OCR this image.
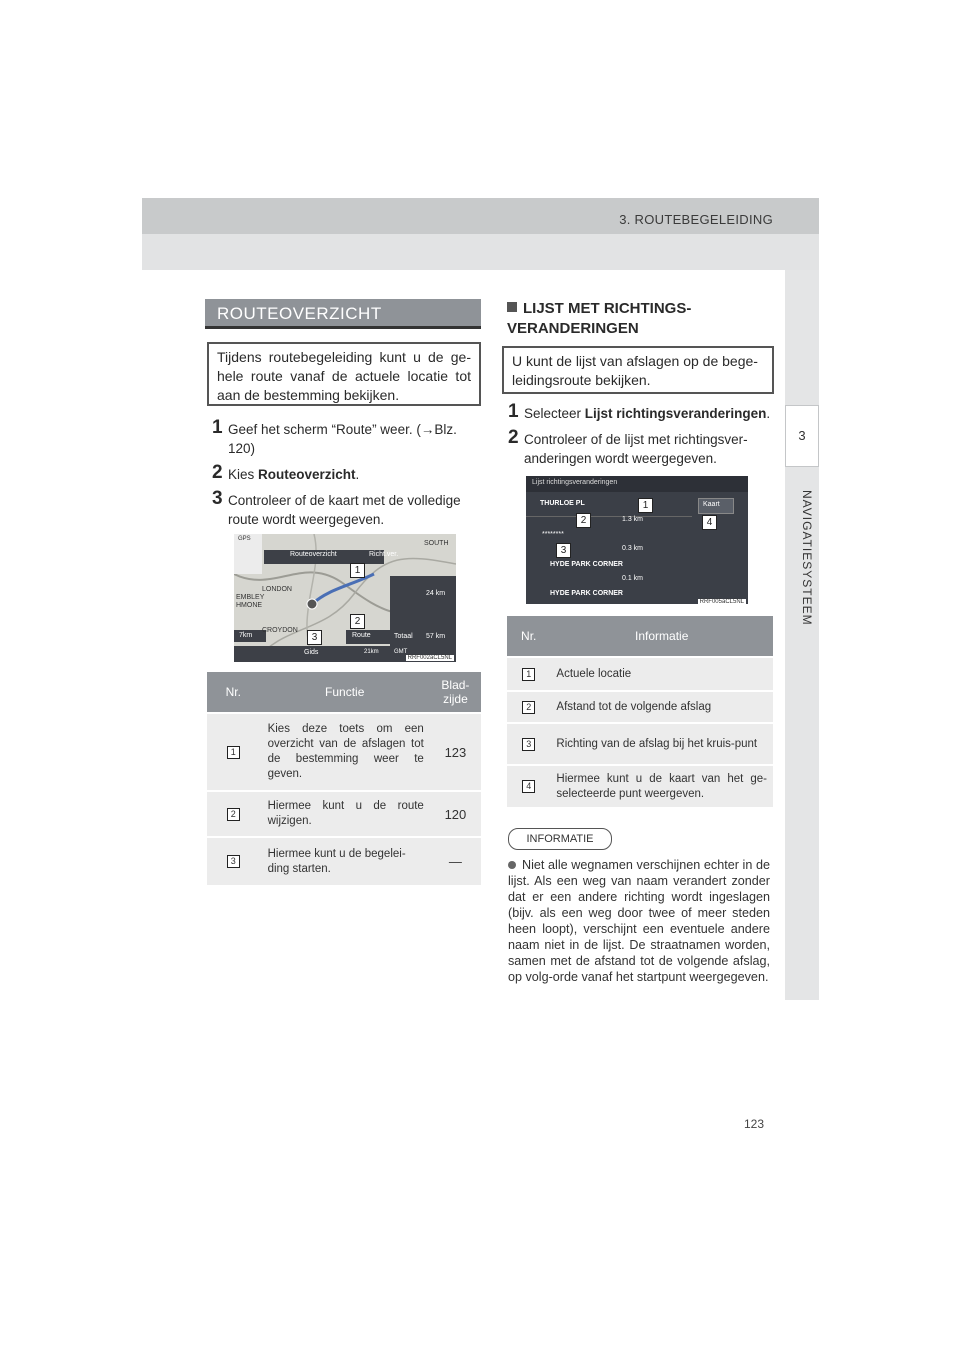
3. ROUTEBEGELEIDING
3
NAVIGATIESYSTEEM
ROUTEOVERZICHT
Tijdens routebegeleiding kunt u de ge-hele route vanaf de actuele locatie tot aan de bestemming bekijken.
1 Geef het scherm “Route” weer. (→Blz. 120)
2 Kies Routeoverzicht.
3 Controleer of de kaart met de volledige route wordt weergegeven.
Routeoverzicht	Richt.ver.
Route	Totaal
Gids
SOUTH
EMBLEY
LONDON
HMONE
CROYDON
GPS
24 km
57 km
7km
21km	GMT
RRF002aCL5NL
1
2
3
Nr.	Functie	Blad-zijde
1	Kies deze toets om een overzicht van de afslagen tot de bestemming weer te geven.	123
2	Hiermee kunt u de route wijzigen.	120
3	Hiermee kunt u de begelei-ding starten.	—
LIJST MET RICHTINGS-VERANDERINGEN
U kunt de lijst van afslagen op de bege-leidingsroute bekijken.
1 Selecteer Lijst richtingsveranderingen.
2 Controleer of de lijst met richtingsver-anderingen wordt weergegeven.
Lijst richtingsveranderingen
Kaart
THURLOE PL
1.3 km
********
0.3 km
HYDE PARK CORNER
0.1 km
HYDE PARK CORNER
RRF005aCL5NL
1
2
3
4
Nr.	Informatie
1	Actuele locatie
2	Afstand tot de volgende afslag
3	Richting van de afslag bij het kruis-punt
4	Hiermee kunt u de kaart van het ge-selecteerde punt weergeven.
INFORMATIE
Niet alle wegnamen verschijnen echter in de lijst. Als een weg van naam verandert zonder dat er een andere richting wordt ingeslagen (bijv. als een weg door twee of meer steden heen loopt), verschijnt een eventuele andere naam niet in de lijst. De straatnamen worden, samen met de afstand tot de volgende afslag, op volg-orde vanaf het startpunt weergegeven.
123
